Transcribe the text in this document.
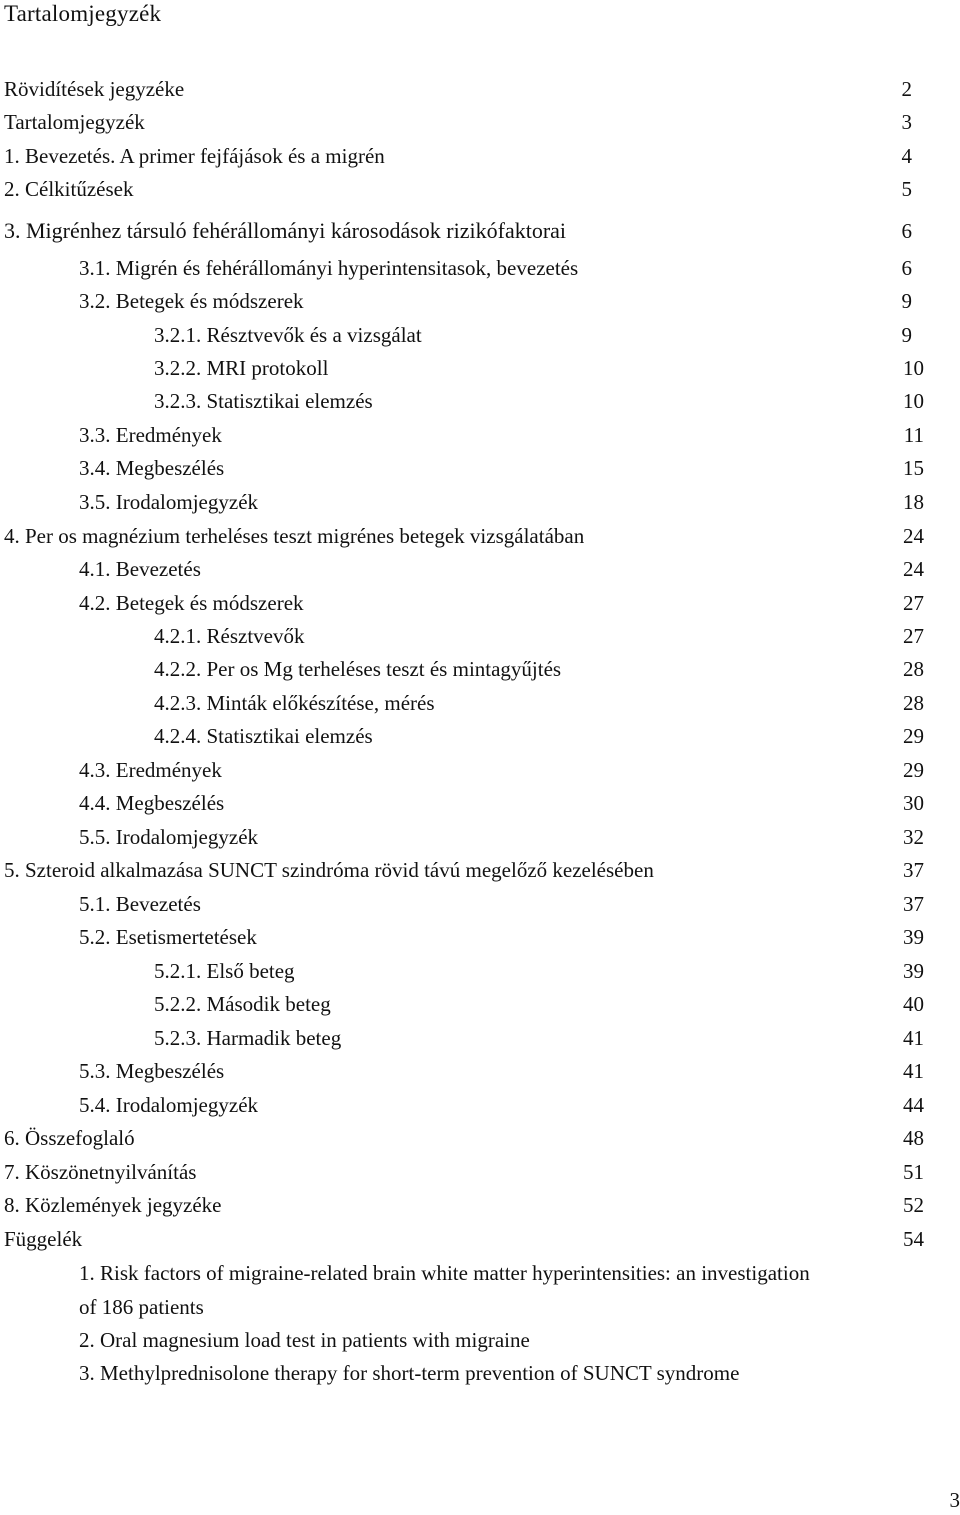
Tartalomjegyzék
Rövidítések jegyzéke	2
Tartalomjegyzék	3
1. Bevezetés. A primer fejfájások és a migrén	4
2. Célkitűzések	5
3. Migrénhez társuló fehérállományi károsodások rizikófaktorai	6
3.1. Migrén és fehérállományi hyperintensitasok, bevezetés	6
3.2. Betegek és módszerek	9
3.2.1. Résztvevők és a vizsgálat	9
3.2.2. MRI protokoll	10
3.2.3. Statisztikai elemzés	10
3.3. Eredmények	11
3.4. Megbeszélés	15
3.5. Irodalomjegyzék	18
4. Per os magnézium terheléses teszt migrénes betegek vizsgálatában	24
4.1. Bevezetés	24
4.2. Betegek és módszerek	27
4.2.1. Résztvevők	27
4.2.2. Per os Mg terheléses teszt és mintagyűjtés	28
4.2.3. Minták előkészítése, mérés	28
4.2.4. Statisztikai elemzés	29
4.3. Eredmények	29
4.4. Megbeszélés	30
5.5. Irodalomjegyzék	32
5. Szteroid alkalmazása SUNCT szindróma rövid távú megelőző kezelésében	37
5.1. Bevezetés	37
5.2. Esetismertetések	39
5.2.1. Első beteg	39
5.2.2. Második beteg	40
5.2.3. Harmadik beteg	41
5.3. Megbeszélés	41
5.4. Irodalomjegyzék	44
6. Összefoglaló	48
7. Köszönetnyilvánítás	51
8. Közlemények jegyzéke	52
Függelék	54
1. Risk factors of migraine-related brain white matter hyperintensities: an investigation
of 186 patients
2. Oral magnesium load test in patients with migraine
3. Methylprednisolone therapy for short-term prevention of SUNCT syndrome
3
